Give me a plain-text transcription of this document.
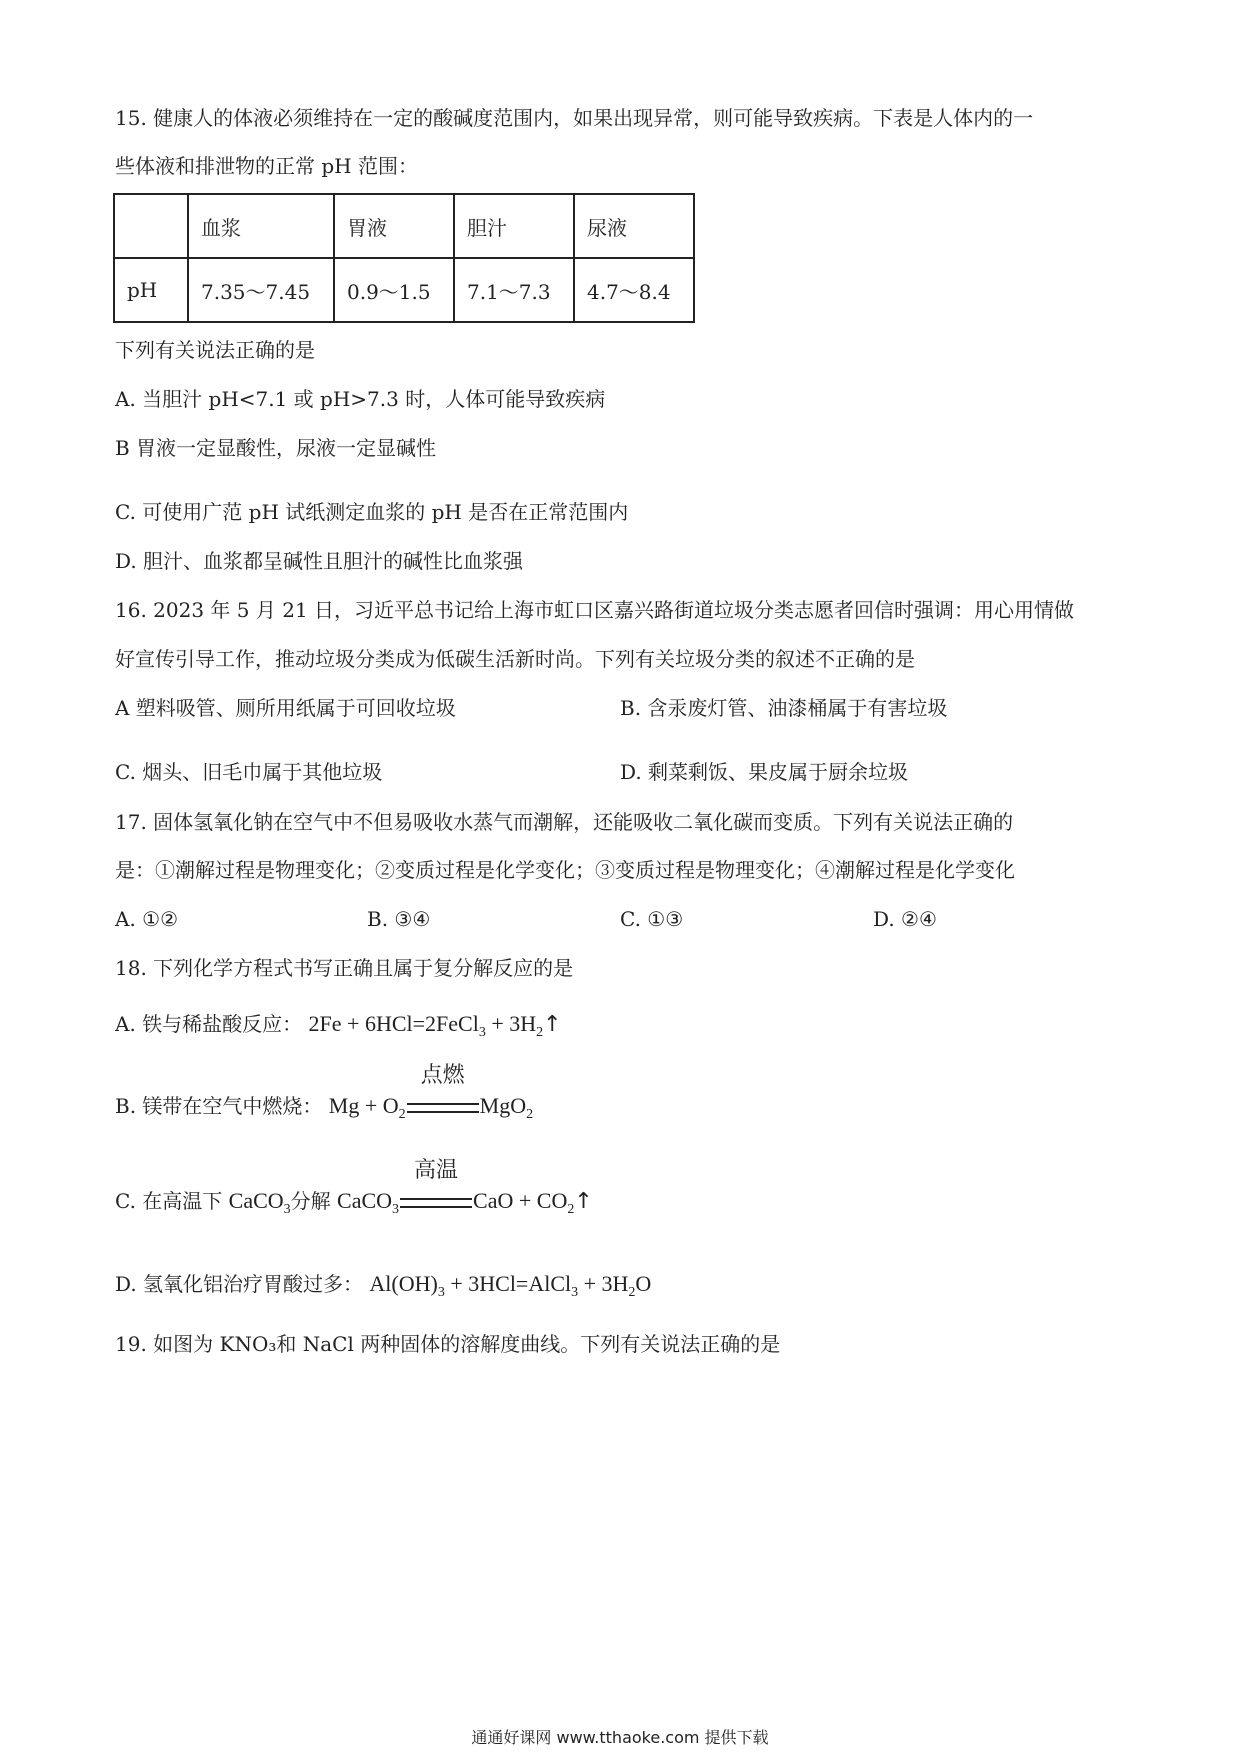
15. 健康人的体液必须维持在一定的酸碱度范围内，如果出现异常，则可能导致疾病。下表是人体内的一
些体液和排泄物的正常 pH 范围：
	血浆	胃液	胆汁	尿液
pH	7.35～7.45	0.9～1.5	7.1～7.3	4.7～8.4
下列有关说法正确的是
A. 当胆汁 pH<7.1 或 pH>7.3 时，人体可能导致疾病
B 胃液一定显酸性，尿液一定显碱性
C. 可使用广范 pH 试纸测定血浆的 pH 是否在正常范围内
D. 胆汁、血浆都呈碱性且胆汁的碱性比血浆强
16. 2023 年 5 月 21 日，习近平总书记给上海市虹口区嘉兴路街道垃圾分类志愿者回信时强调：用心用情做
好宣传引导工作，推动垃圾分类成为低碳生活新时尚。下列有关垃圾分类的叙述不正确的是
A 塑料吸管、厕所用纸属于可回收垃圾	B. 含汞废灯管、油漆桶属于有害垃圾
C. 烟头、旧毛巾属于其他垃圾	D. 剩菜剩饭、果皮属于厨余垃圾
17. 固体氢氧化钠在空气中不但易吸收水蒸气而潮解，还能吸收二氧化碳而变质。下列有关说法正确的
是：①潮解过程是物理变化；②变质过程是化学变化；③变质过程是物理变化；④潮解过程是化学变化
A. ①②	B. ③④	C. ①③	D. ②④
18. 下列化学方程式书写正确且属于复分解反应的是
A. 铁与稀盐酸反应： 2Fe + 6HCl=2FeCl$_3$ + $3H_2↑$
B. 镁带在空气中燃烧： $Mg + O_2$
点燃
MgO$_2$
C. 在高温下 CaCO$_3$分解 CaCO$_3$
高温
CaO + $CO_2↑$
D. 氢氧化铝治疗胃酸过多： $Al(OH)_3$ + 3HCl=AlCl$_3$ + $3H_2O$
19. 如图为 KNO₃和 NaCl 两种固体的溶解度曲线。下列有关说法正确的是
通通好课网 www.tthaoke.com 提供下载
